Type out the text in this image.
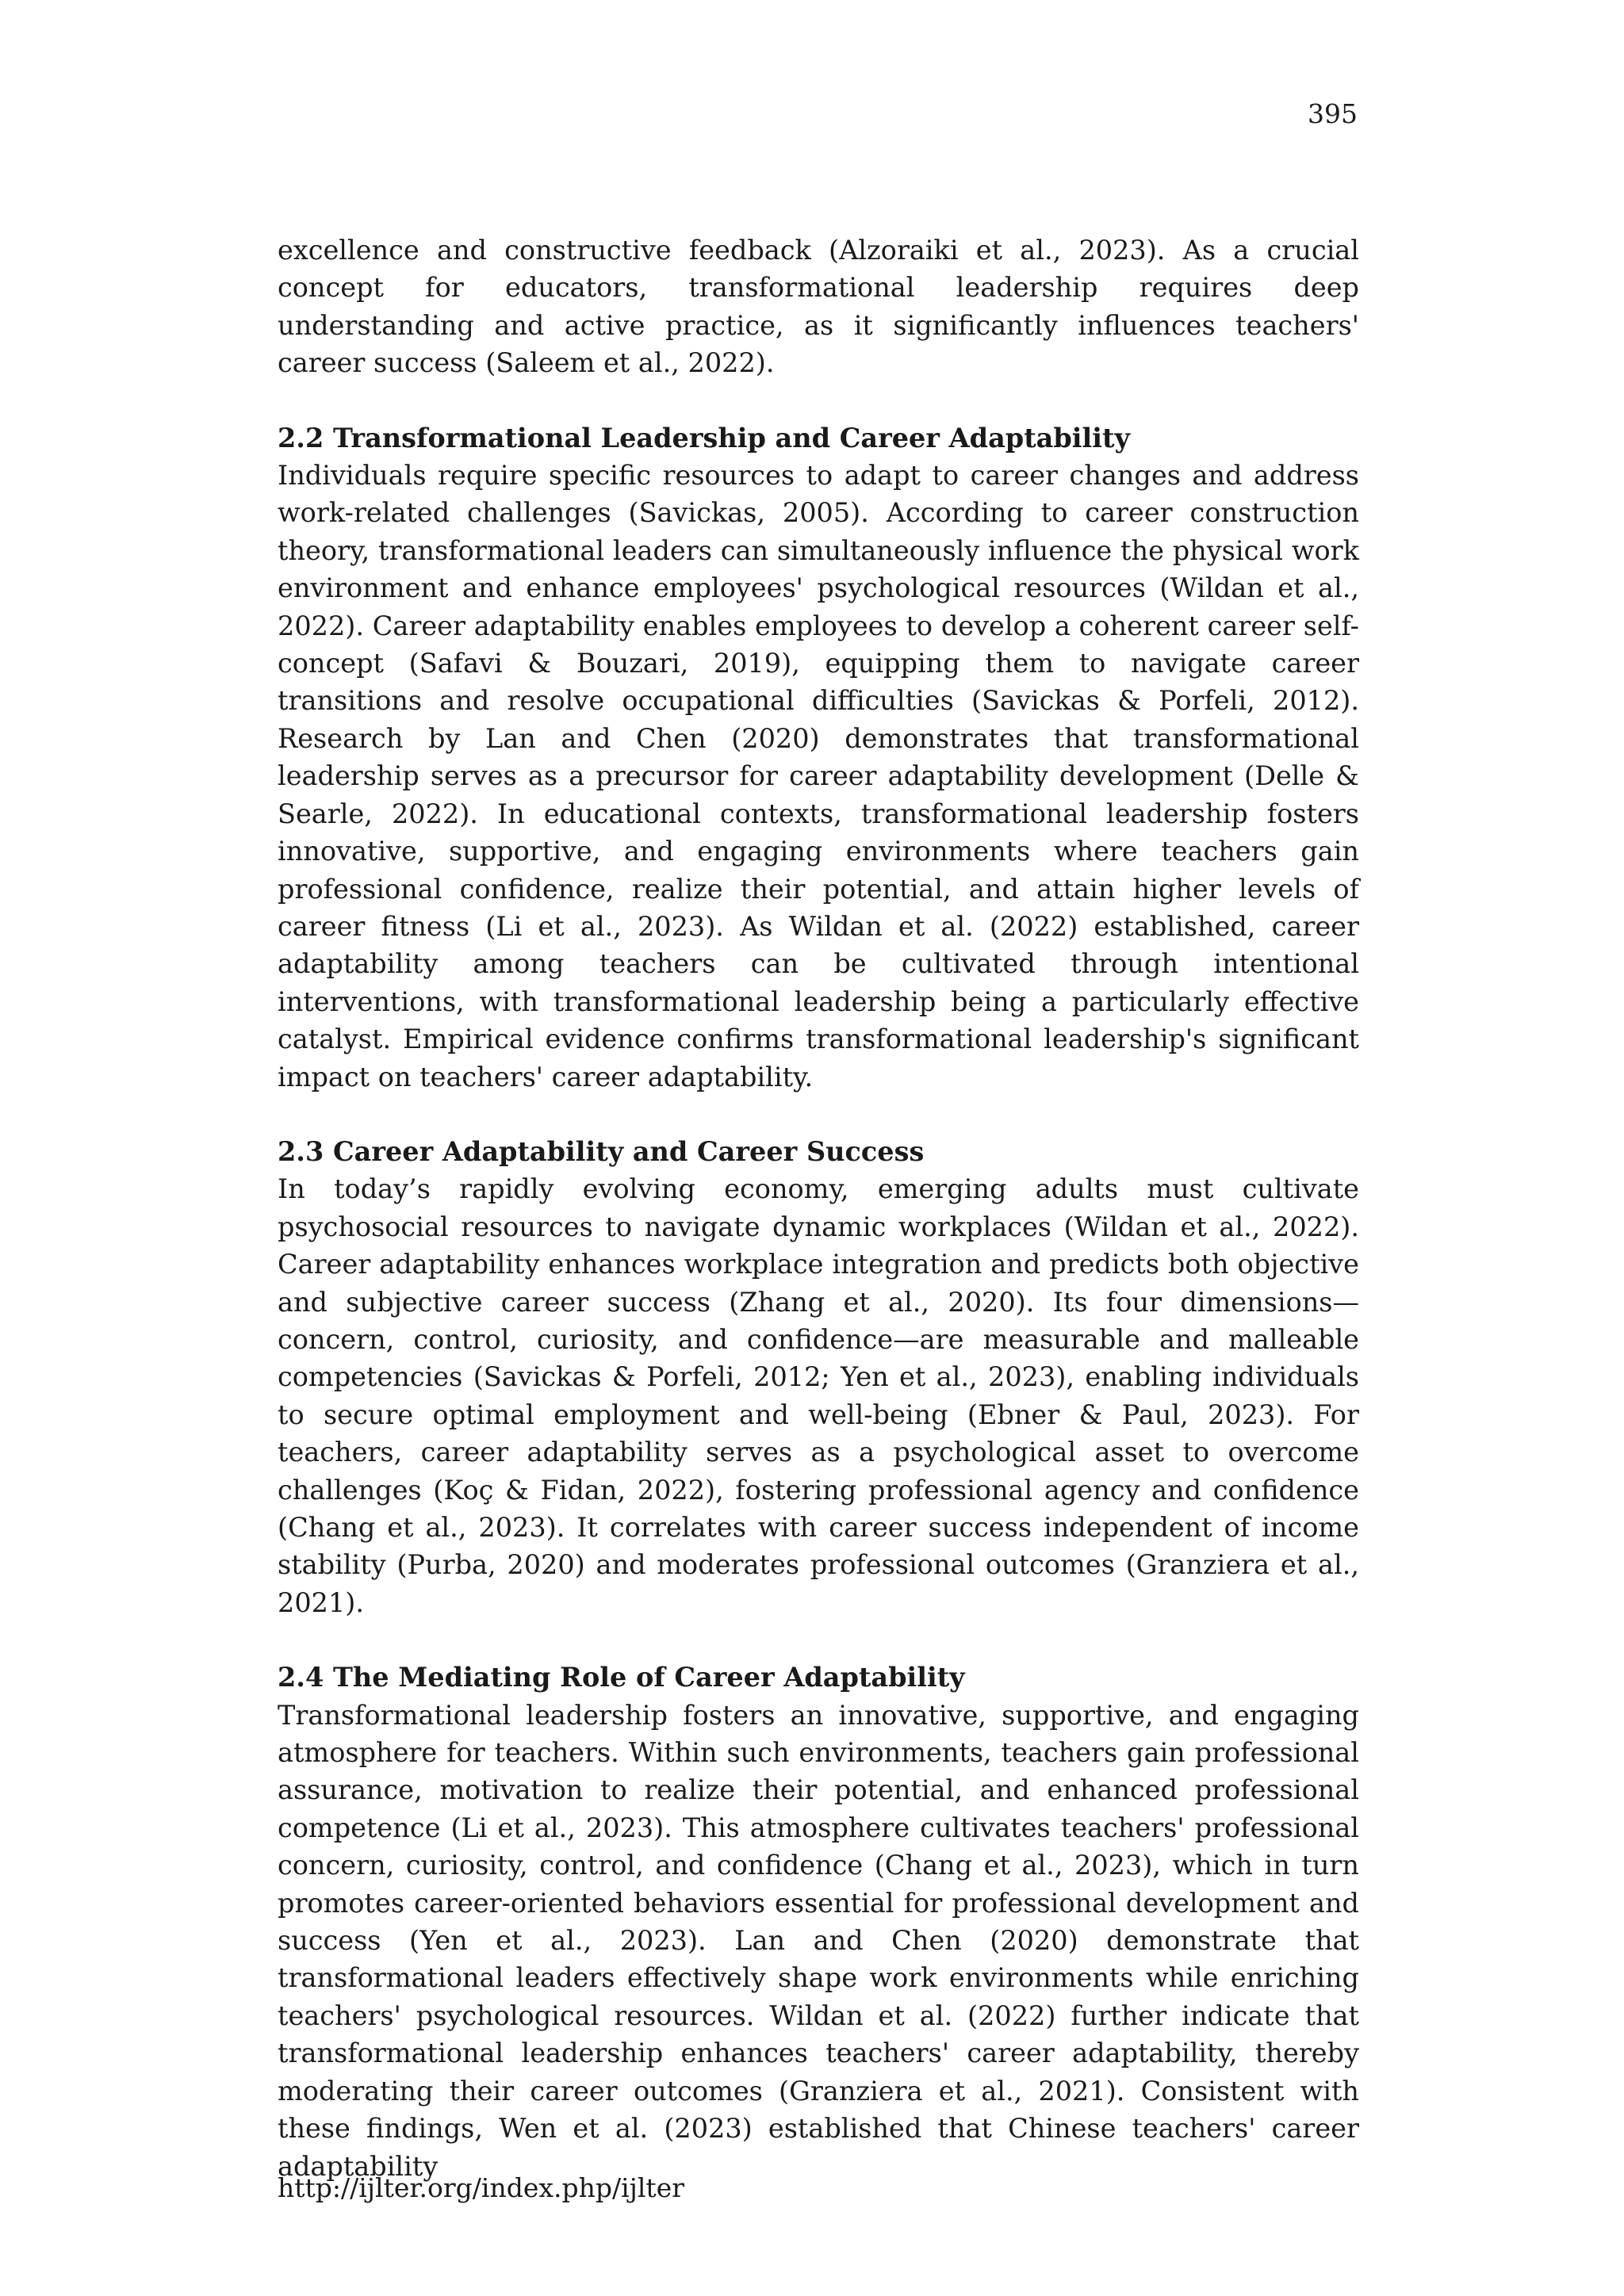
395

excellence and constructive feedback (Alzoraiki et al., 2023). As a crucial concept for educators, transformational leadership requires deep understanding and active practice, as it significantly influences teachers' career success (Saleem et al., 2022).

2.2 Transformational Leadership and Career Adaptability

Individuals require specific resources to adapt to career changes and address work-related challenges (Savickas, 2005). According to career construction theory, transformational leaders can simultaneously influence the physical work environment and enhance employees' psychological resources (Wildan et al., 2022). Career adaptability enables employees to develop a coherent career self-concept (Safavi & Bouzari, 2019), equipping them to navigate career transitions and resolve occupational difficulties (Savickas & Porfeli, 2012). Research by Lan and Chen (2020) demonstrates that transformational leadership serves as a precursor for career adaptability development (Delle & Searle, 2022). In educational contexts, transformational leadership fosters innovative, supportive, and engaging environments where teachers gain professional confidence, realize their potential, and attain higher levels of career fitness (Li et al., 2023). As Wildan et al. (2022) established, career adaptability among teachers can be cultivated through intentional interventions, with transformational leadership being a particularly effective catalyst. Empirical evidence confirms transformational leadership's significant impact on teachers' career adaptability.

2.3 Career Adaptability and Career Success

In today’s rapidly evolving economy, emerging adults must cultivate psychosocial resources to navigate dynamic workplaces (Wildan et al., 2022). Career adaptability enhances workplace integration and predicts both objective and subjective career success (Zhang et al., 2020). Its four dimensions—concern, control, curiosity, and confidence—are measurable and malleable competencies (Savickas & Porfeli, 2012; Yen et al., 2023), enabling individuals to secure optimal employment and well-being (Ebner & Paul, 2023). For teachers, career adaptability serves as a psychological asset to overcome challenges (Koç & Fidan, 2022), fostering professional agency and confidence (Chang et al., 2023). It correlates with career success independent of income stability (Purba, 2020) and moderates professional outcomes (Granziera et al., 2021).

2.4 The Mediating Role of Career Adaptability

Transformational leadership fosters an innovative, supportive, and engaging atmosphere for teachers. Within such environments, teachers gain professional assurance, motivation to realize their potential, and enhanced professional competence (Li et al., 2023). This atmosphere cultivates teachers' professional concern, curiosity, control, and confidence (Chang et al., 2023), which in turn promotes career-oriented behaviors essential for professional development and success (Yen et al., 2023). Lan and Chen (2020) demonstrate that transformational leaders effectively shape work environments while enriching teachers' psychological resources. Wildan et al. (2022) further indicate that transformational leadership enhances teachers' career adaptability, thereby moderating their career outcomes (Granziera et al., 2021). Consistent with these findings, Wen et al. (2023) established that Chinese teachers' career adaptability

http://ijlter.org/index.php/ijlter
